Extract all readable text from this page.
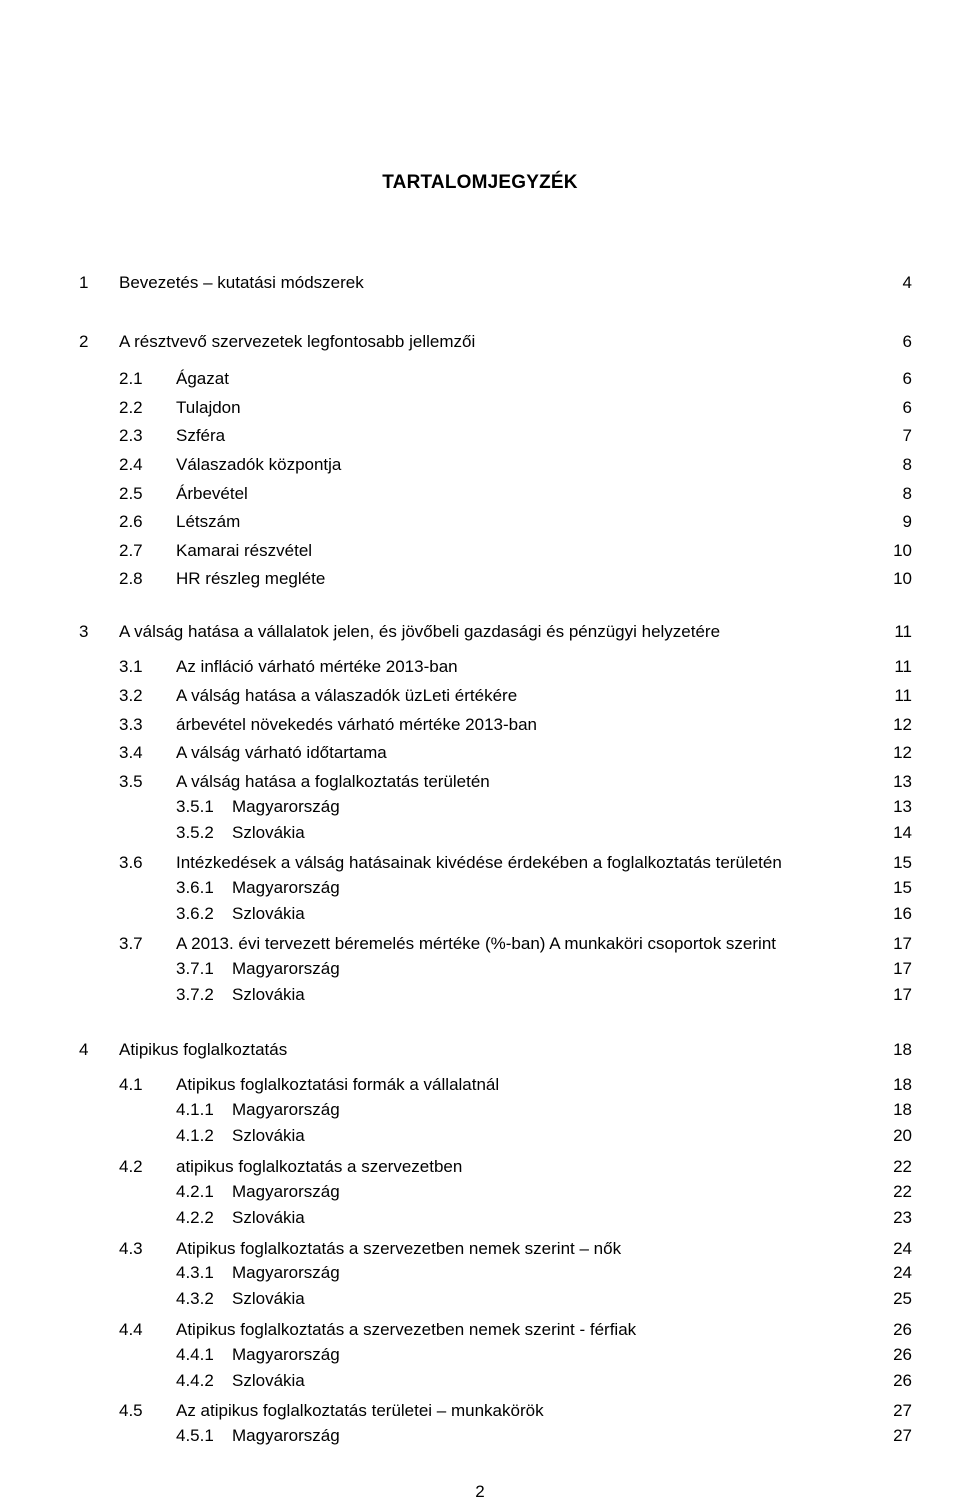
TARTALOMJEGYZÉK
1 Bevezetés – kutatási módszerek	4
2 A résztvevő szervezetek legfontosabb jellemzői	6
2.1 Ágazat	6
2.2 Tulajdon	6
2.3 Szféra	7
2.4 Válaszadók központja	8
2.5 Árbevétel	8
2.6 Létszám	9
2.7 Kamarai részvétel	10
2.8 HR részleg megléte	10
3 A válság hatása a vállalatok jelen, és jövőbeli gazdasági és pénzügyi helyzetére	11
3.1 Az infláció várható mértéke 2013-ban	11
3.2 A válság hatása a válaszadók üzLeti értékére	11
3.3 árbevétel növekedés várható mértéke 2013-ban	12
3.4 A válság várható időtartama	12
3.5 A válság hatása a foglalkoztatás területén	13
3.5.1 Magyarország	13
3.5.2 Szlovákia	14
3.6 Intézkedések a válság hatásainak kivédése érdekében a foglalkoztatás területén	15
3.6.1 Magyarország	15
3.6.2 Szlovákia	16
3.7 A 2013. évi tervezett béremelés mértéke (%-ban) A munkaköri csoportok szerint	17
3.7.1 Magyarország	17
3.7.2 Szlovákia	17
4 Atipikus foglalkoztatás	18
4.1 Atipikus foglalkoztatási formák a vállalatnál	18
4.1.1 Magyarország	18
4.1.2 Szlovákia	20
4.2 atipikus foglalkoztatás a szervezetben	22
4.2.1 Magyarország	22
4.2.2 Szlovákia	23
4.3 Atipikus foglalkoztatás a szervezetben nemek szerint – nők	24
4.3.1 Magyarország	24
4.3.2 Szlovákia	25
4.4 Atipikus foglalkoztatás a szervezetben nemek szerint - férfiak	26
4.4.1 Magyarország	26
4.4.2 Szlovákia	26
4.5 Az atipikus foglalkoztatás területei – munkakörök	27
4.5.1 Magyarország	27
2
